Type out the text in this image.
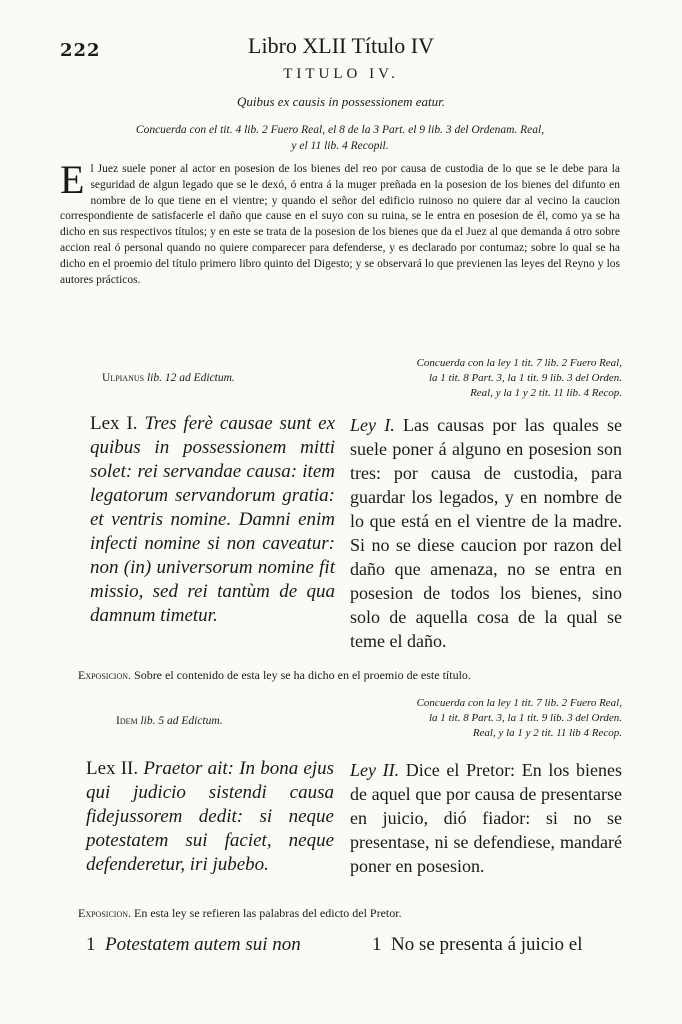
222	Libro XLII Título IV
TITULO IV.
Quibus ex causis in possessionem eatur.
Concuerda con el tit. 4 lib. 2 Fuero Real, el 8 de la 3 Part. el 9 lib. 3 del Ordenam. Real,
y el 11 lib. 4 Recopil.
El Juez suele poner al actor en posesion de los bienes del reo por causa de custodia de lo que se le debe para la seguridad de algun legado que se le dexó, ó entra á la muger preñada en la posesion de los bienes del difunto en nombre de lo que tiene en el vientre; y quando el señor del edificio ruinoso no quiere dar al vecino la caucion correspondiente de satisfacerle el daño que cause en el suyo con su ruina, se le entra en posesion de él, como ya se ha dicho en sus respectivos títulos; y en este se trata de la posesion de los bienes que da el Juez al que demanda á otro sobre accion real ó personal quando no quiere comparecer para defenderse, y es declarado por contumaz; sobre lo qual se ha dicho en el proemio del título primero libro quinto del Digesto; y se observará lo que previenen las leyes del Reyno y los autores prácticos.
Ulpianus lib. 12 ad Edictum.
Concuerda con la ley 1 tit. 7 lib. 2 Fuero Real,
la 1 tit. 8 Part. 3, la 1 tit. 9 lib. 3 del Orden.
Real, y la 1 y 2 tit. 11 lib. 4 Recop.
Lex I. Tres ferè causae sunt ex quibus in possessionem mitti solet: rei servandae causa: item legatorum servandorum gratia: et ventris nomine. Damni enim infecti nomine si non caveatur: non (in) universorum nomine fit missio, sed rei tantùm de qua damnum timetur.
Ley I. Las causas por las quales se suele poner á alguno en posesion son tres: por causa de custodia, para guardar los legados, y en nombre de lo que está en el vientre de la madre. Si no se diese caucion por razon del daño que amenaza, no se entra en posesion de todos los bienes, sino solo de aquella cosa de la qual se teme el daño.
Exposicion. Sobre el contenido de esta ley se ha dicho en el proemio de este título.
Idem lib. 5 ad Edictum.
Concuerda con la ley 1 tit. 7 lib. 2 Fuero Real,
la 1 tit. 8 Part. 3, la 1 tit. 9 lib. 3 del Orden.
Real, y la 1 y 2 tit. 11 lib 4 Recop.
Lex II. Praetor ait: In bona ejus qui judicio sistendi causa fidejussorem dedit: si neque potestatem sui faciet, neque defenderetur, iri jubebo.
Ley II. Dice el Pretor: En los bienes de aquel que por causa de presentarse en juicio, dió fiador: si no se presentase, ni se defendiese, mandaré poner en posesion.
Exposicion. En esta ley se refieren las palabras del edicto del Pretor.
1 Potestatem autem sui non	1 No se presenta á juicio el
